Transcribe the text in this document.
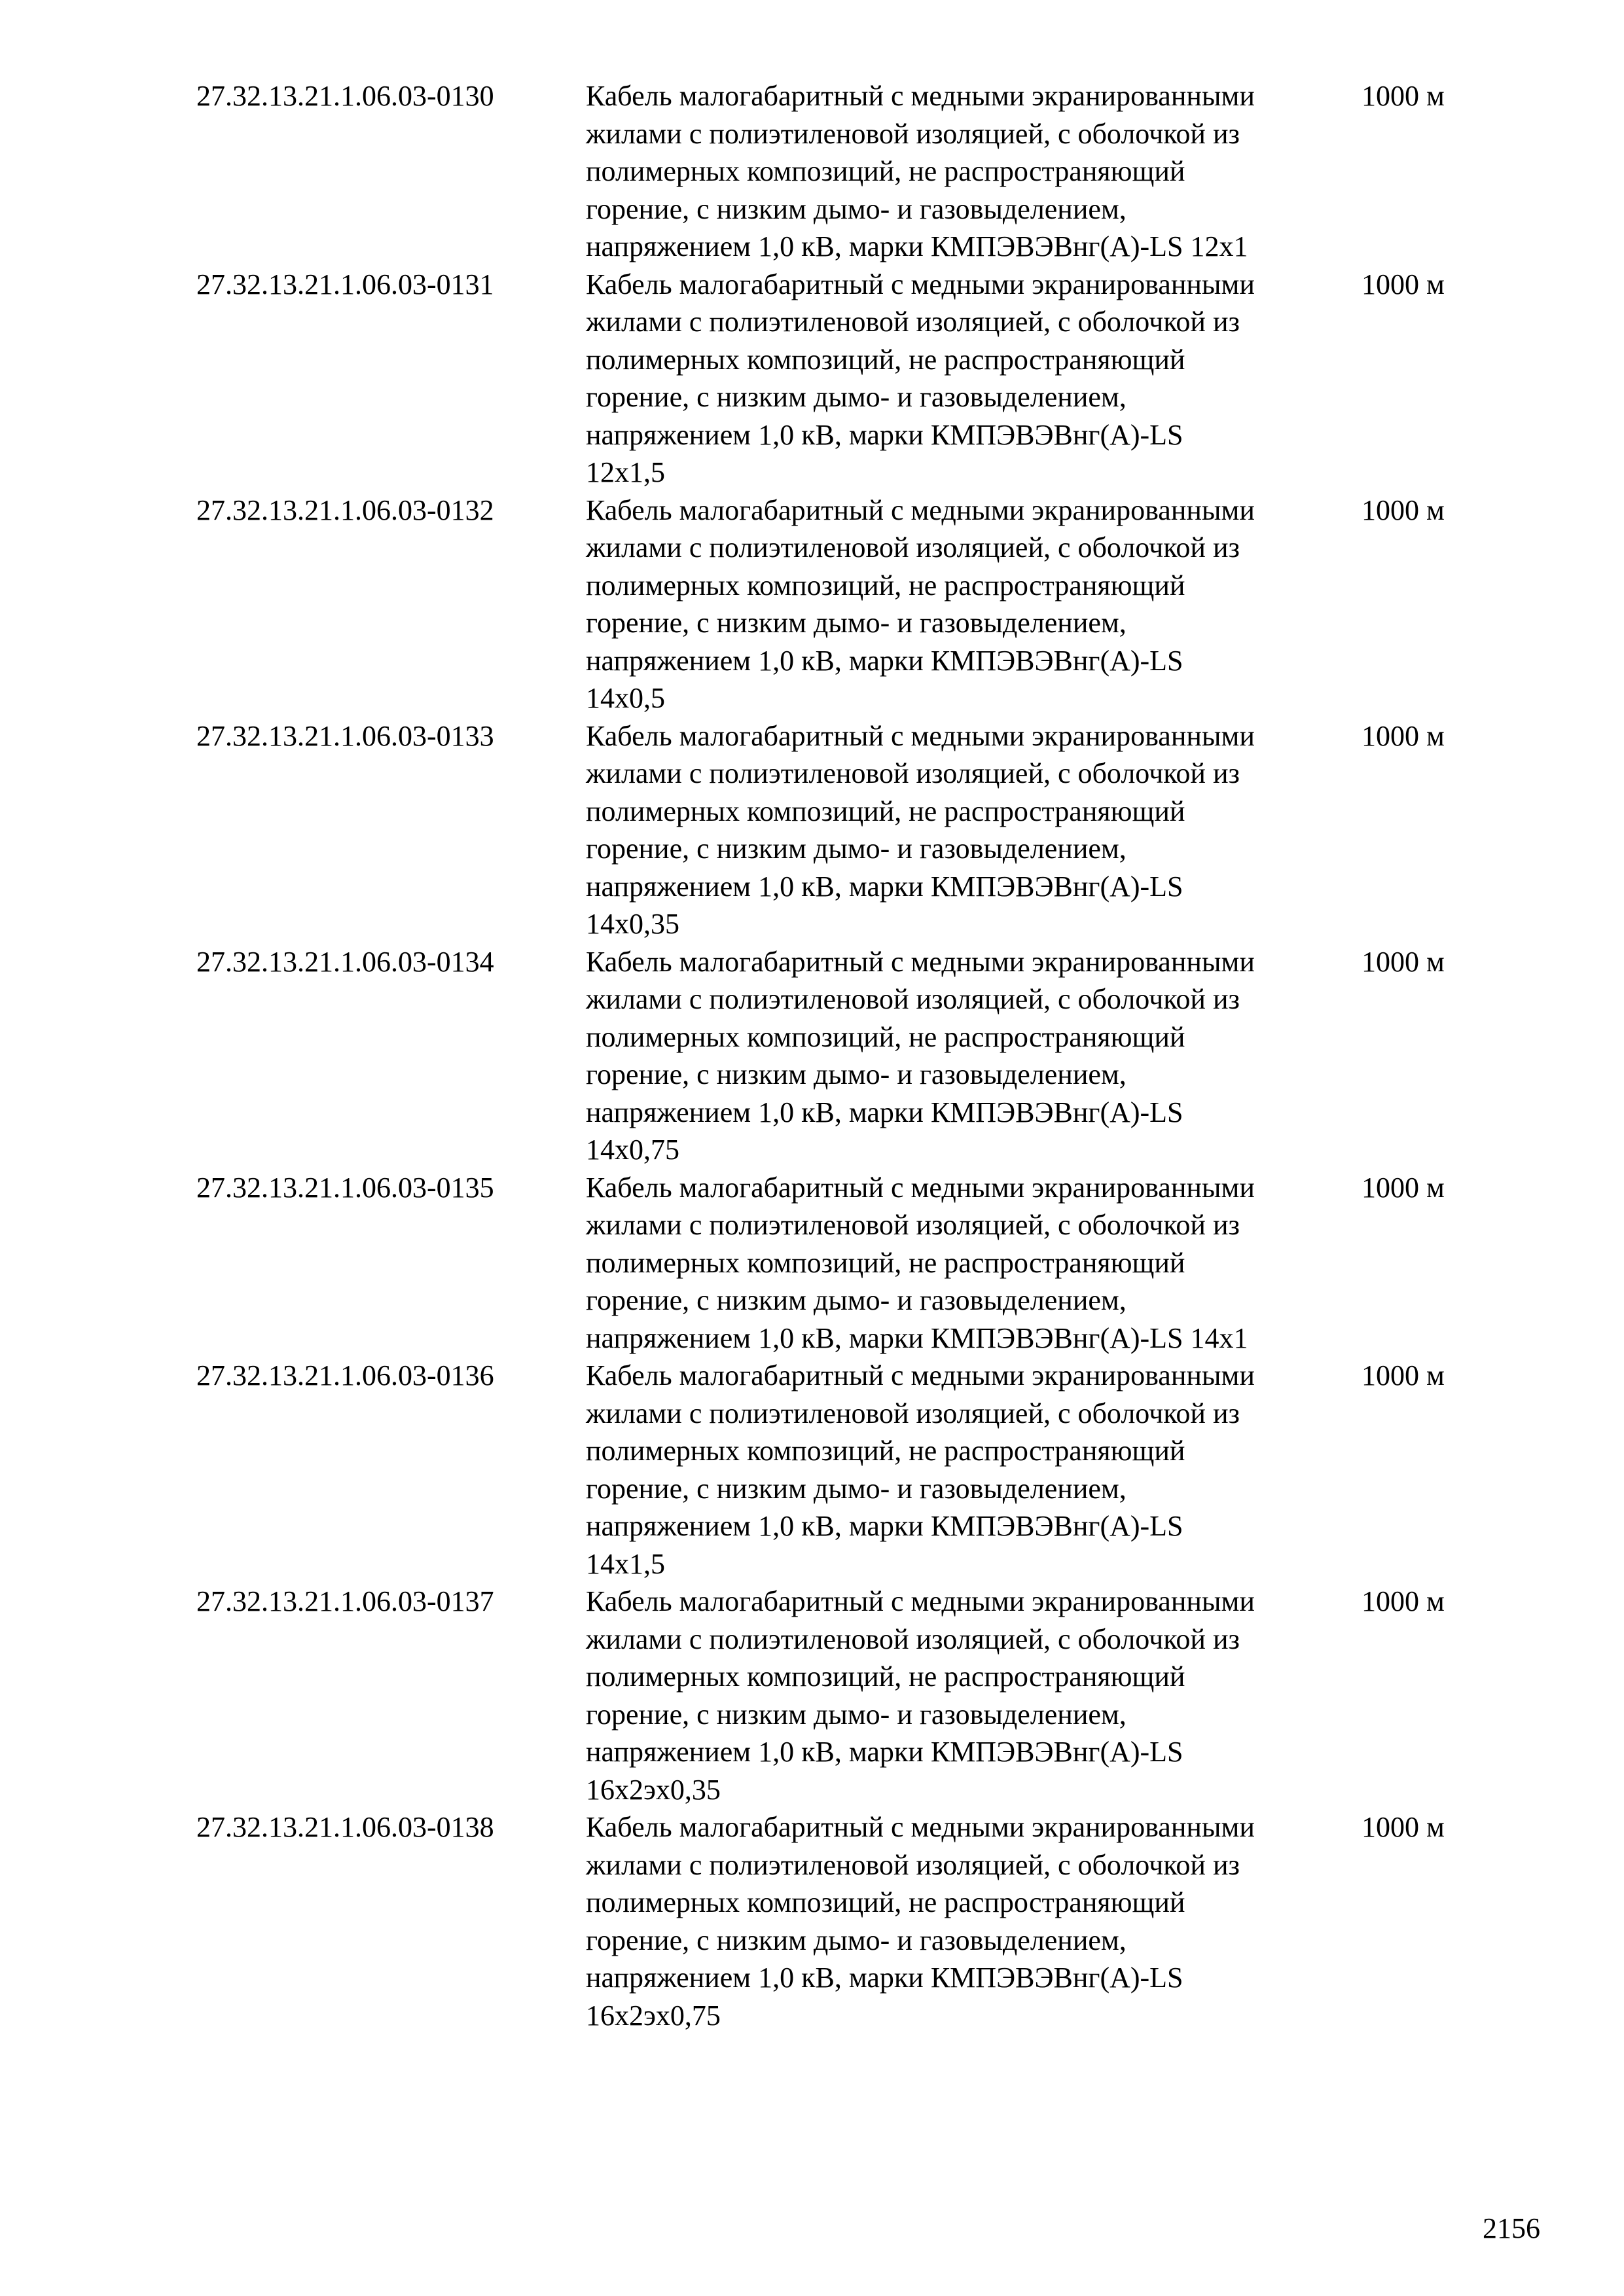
27.32.13.21.1.06.03-0130	Кабель малогабаритный с медными экранированными
жилами с полиэтиленовой изоляцией, с оболочкой из
полимерных композиций, не распространяющий
горение, с низким дымо- и газовыделением,
напряжением 1,0 кВ, марки КМПЭВЭВнг(А)-LS 12x1
1000 м
27.32.13.21.1.06.03-0131	Кабель малогабаритный с медными экранированными
жилами с полиэтиленовой изоляцией, с оболочкой из
полимерных композиций, не распространяющий
горение, с низким дымо- и газовыделением,
напряжением 1,0 кВ, марки КМПЭВЭВнг(А)-LS
12x1,5
1000 м
27.32.13.21.1.06.03-0132	Кабель малогабаритный с медными экранированными
жилами с полиэтиленовой изоляцией, с оболочкой из
полимерных композиций, не распространяющий
горение, с низким дымо- и газовыделением,
напряжением 1,0 кВ, марки КМПЭВЭВнг(А)-LS
14x0,5
1000 м
27.32.13.21.1.06.03-0133	Кабель малогабаритный с медными экранированными
жилами с полиэтиленовой изоляцией, с оболочкой из
полимерных композиций, не распространяющий
горение, с низким дымо- и газовыделением,
напряжением 1,0 кВ, марки КМПЭВЭВнг(А)-LS
14x0,35
1000 м
27.32.13.21.1.06.03-0134	Кабель малогабаритный с медными экранированными
жилами с полиэтиленовой изоляцией, с оболочкой из
полимерных композиций, не распространяющий
горение, с низким дымо- и газовыделением,
напряжением 1,0 кВ, марки КМПЭВЭВнг(А)-LS
14x0,75
1000 м
27.32.13.21.1.06.03-0135	Кабель малогабаритный с медными экранированными
жилами с полиэтиленовой изоляцией, с оболочкой из
полимерных композиций, не распространяющий
горение, с низким дымо- и газовыделением,
напряжением 1,0 кВ, марки КМПЭВЭВнг(А)-LS 14x1
1000 м
27.32.13.21.1.06.03-0136	Кабель малогабаритный с медными экранированными
жилами с полиэтиленовой изоляцией, с оболочкой из
полимерных композиций, не распространяющий
горение, с низким дымо- и газовыделением,
напряжением 1,0 кВ, марки КМПЭВЭВнг(А)-LS
14x1,5
1000 м
27.32.13.21.1.06.03-0137	Кабель малогабаритный с медными экранированными
жилами с полиэтиленовой изоляцией, с оболочкой из
полимерных композиций, не распространяющий
горение, с низким дымо- и газовыделением,
напряжением 1,0 кВ, марки КМПЭВЭВнг(А)-LS
16x2эx0,35
1000 м
27.32.13.21.1.06.03-0138	Кабель малогабаритный с медными экранированными
жилами с полиэтиленовой изоляцией, с оболочкой из
полимерных композиций, не распространяющий
горение, с низким дымо- и газовыделением,
напряжением 1,0 кВ, марки КМПЭВЭВнг(А)-LS
16x2эx0,75
1000 м
2156
